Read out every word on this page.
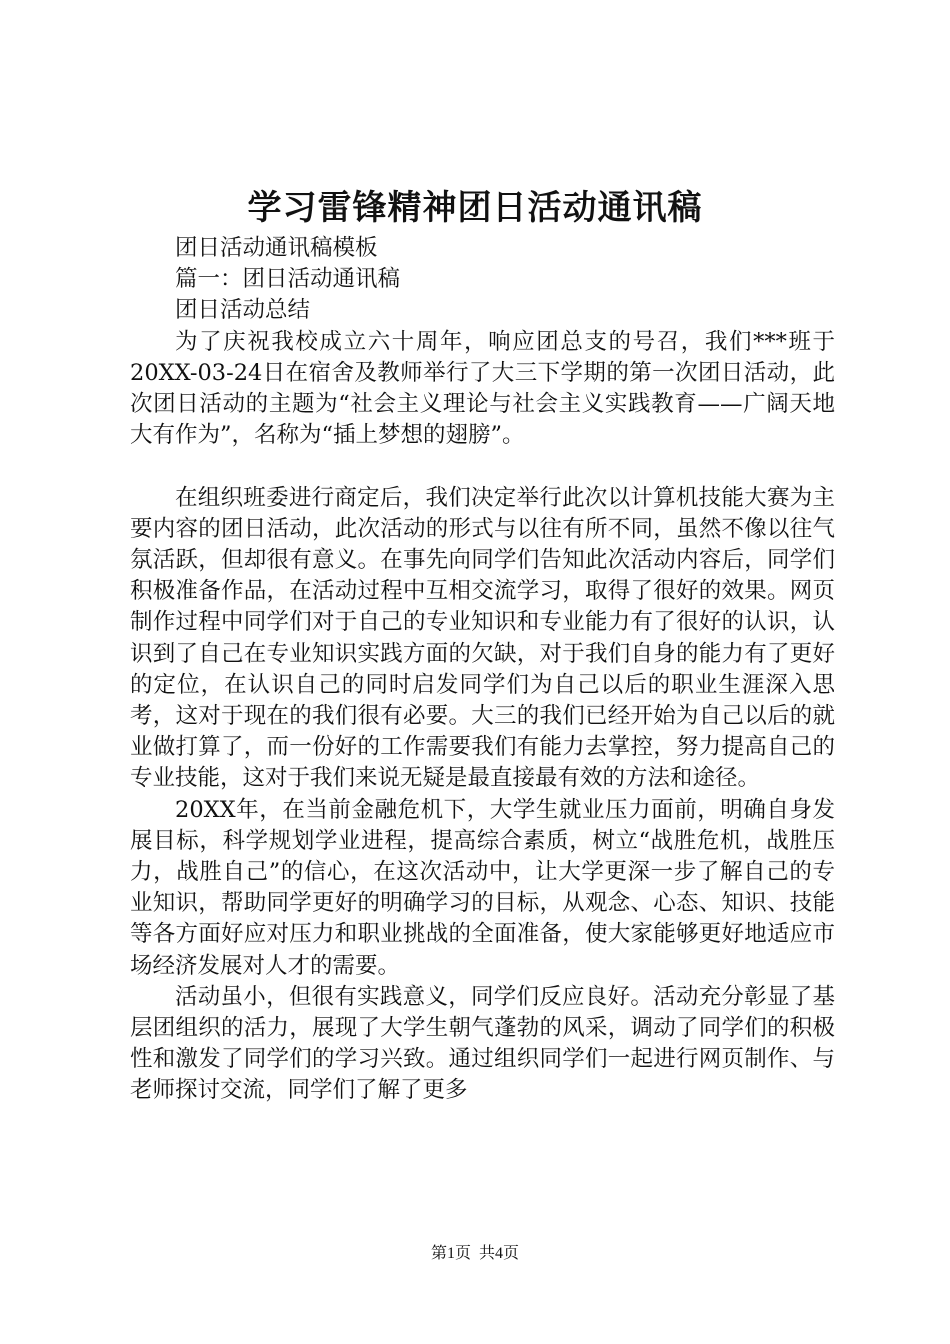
学习雷锋精神团日活动通讯稿

团日活动通讯稿模板

篇一：团日活动通讯稿

团日活动总结

为了庆祝我校成立六十周年，响应团总支的号召，我们***班于20XX-03-24日在宿舍及教师举行了大三下学期的第一次团日活动，此次团日活动的主题为“社会主义理论与社会主义实践教育——广阔天地大有作为”，名称为“插上梦想的翅膀”。

在组织班委进行商定后，我们决定举行此次以计算机技能大赛为主要内容的团日活动，此次活动的形式与以往有所不同，虽然不像以往气氛活跃，但却很有意义。在事先向同学们告知此次活动内容后，同学们积极准备作品，在活动过程中互相交流学习，取得了很好的效果。网页制作过程中同学们对于自己的专业知识和专业能力有了很好的认识，认识到了自己在专业知识实践方面的欠缺，对于我们自身的能力有了更好的定位，在认识自己的同时启发同学们为自己以后的职业生涯深入思考，这对于现在的我们很有必要。大三的我们已经开始为自己以后的就业做打算了，而一份好的工作需要我们有能力去掌控，努力提高自己的专业技能，这对于我们来说无疑是最直接最有效的方法和途径。

20XX年，在当前金融危机下，大学生就业压力面前，明确自身发展目标，科学规划学业进程，提高综合素质，树立“战胜危机，战胜压力，战胜自己”的信心，在这次活动中，让大学更深一步了解自己的专业知识，帮助同学更好的明确学习的目标，从观念、心态、知识、技能等各方面好应对压力和职业挑战的全面准备，使大家能够更好地适应市场经济发展对人才的需要。

活动虽小，但很有实践意义，同学们反应良好。活动充分彰显了基层团组织的活力，展现了大学生朝气蓬勃的风采，调动了同学们的积极性和激发了同学们的学习兴致。通过组织同学们一起进行网页制作、与老师探讨交流，同学们了解了更多

第1页 共4页
